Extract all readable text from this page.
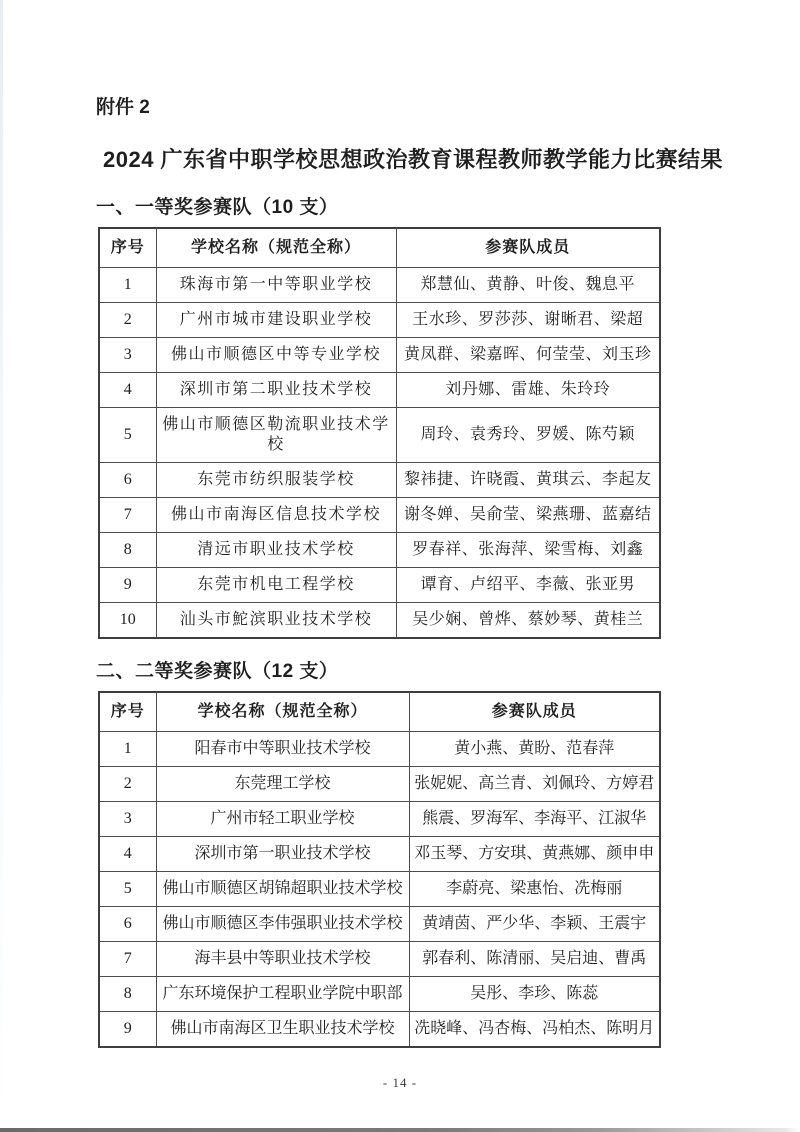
附件 2
2024 广东省中职学校思想政治教育课程教师教学能力比赛结果
一、一等奖参赛队（10 支）
序号	学校名称（规范全称）	参赛队成员
1	珠海市第一中等职业学校	郑慧仙、黄静、叶俊、魏息平
2	广州市城市建设职业学校	王水珍、罗莎莎、谢晰君、梁超
3	佛山市顺德区中等专业学校	黄凤群、梁嘉晖、何莹莹、刘玉珍
4	深圳市第二职业技术学校	刘丹娜、雷雄、朱玲玲
5	佛山市顺德区勒流职业技术学校	周玲、袁秀玲、罗媛、陈芍颖
6	东莞市纺织服装学校	黎祎捷、许晓霞、黄琪云、李起友
7	佛山市南海区信息技术学校	谢冬婵、吴俞莹、梁燕珊、蓝嘉结
8	清远市职业技术学校	罗春祥、张海萍、梁雪梅、刘鑫
9	东莞市机电工程学校	谭育、卢绍平、李薇、张亚男
10	汕头市鮀滨职业技术学校	吴少娴、曾烨、蔡妙琴、黄桂兰
二、二等奖参赛队（12 支）
序号	学校名称（规范全称）	参赛队成员
1	阳春市中等职业技术学校	黄小燕、黄盼、范春萍
2	东莞理工学校	张妮妮、高兰青、刘佩玲、方婷君
3	广州市轻工职业学校	熊震、罗海军、李海平、江淑华
4	深圳市第一职业技术学校	邓玉琴、方安琪、黄燕娜、颜申申
5	佛山市顺德区胡锦超职业技术学校	李蔚亮、梁惠怡、冼梅丽
6	佛山市顺德区李伟强职业技术学校	黄靖茵、严少华、李颖、王震宇
7	海丰县中等职业技术学校	郭春利、陈清丽、吴启迪、曹禹
8	广东环境保护工程职业学院中职部	吴彤、李珍、陈蕊
9	佛山市南海区卫生职业技术学校	冼晓峰、冯杏梅、冯柏杰、陈明月
- 14 -
